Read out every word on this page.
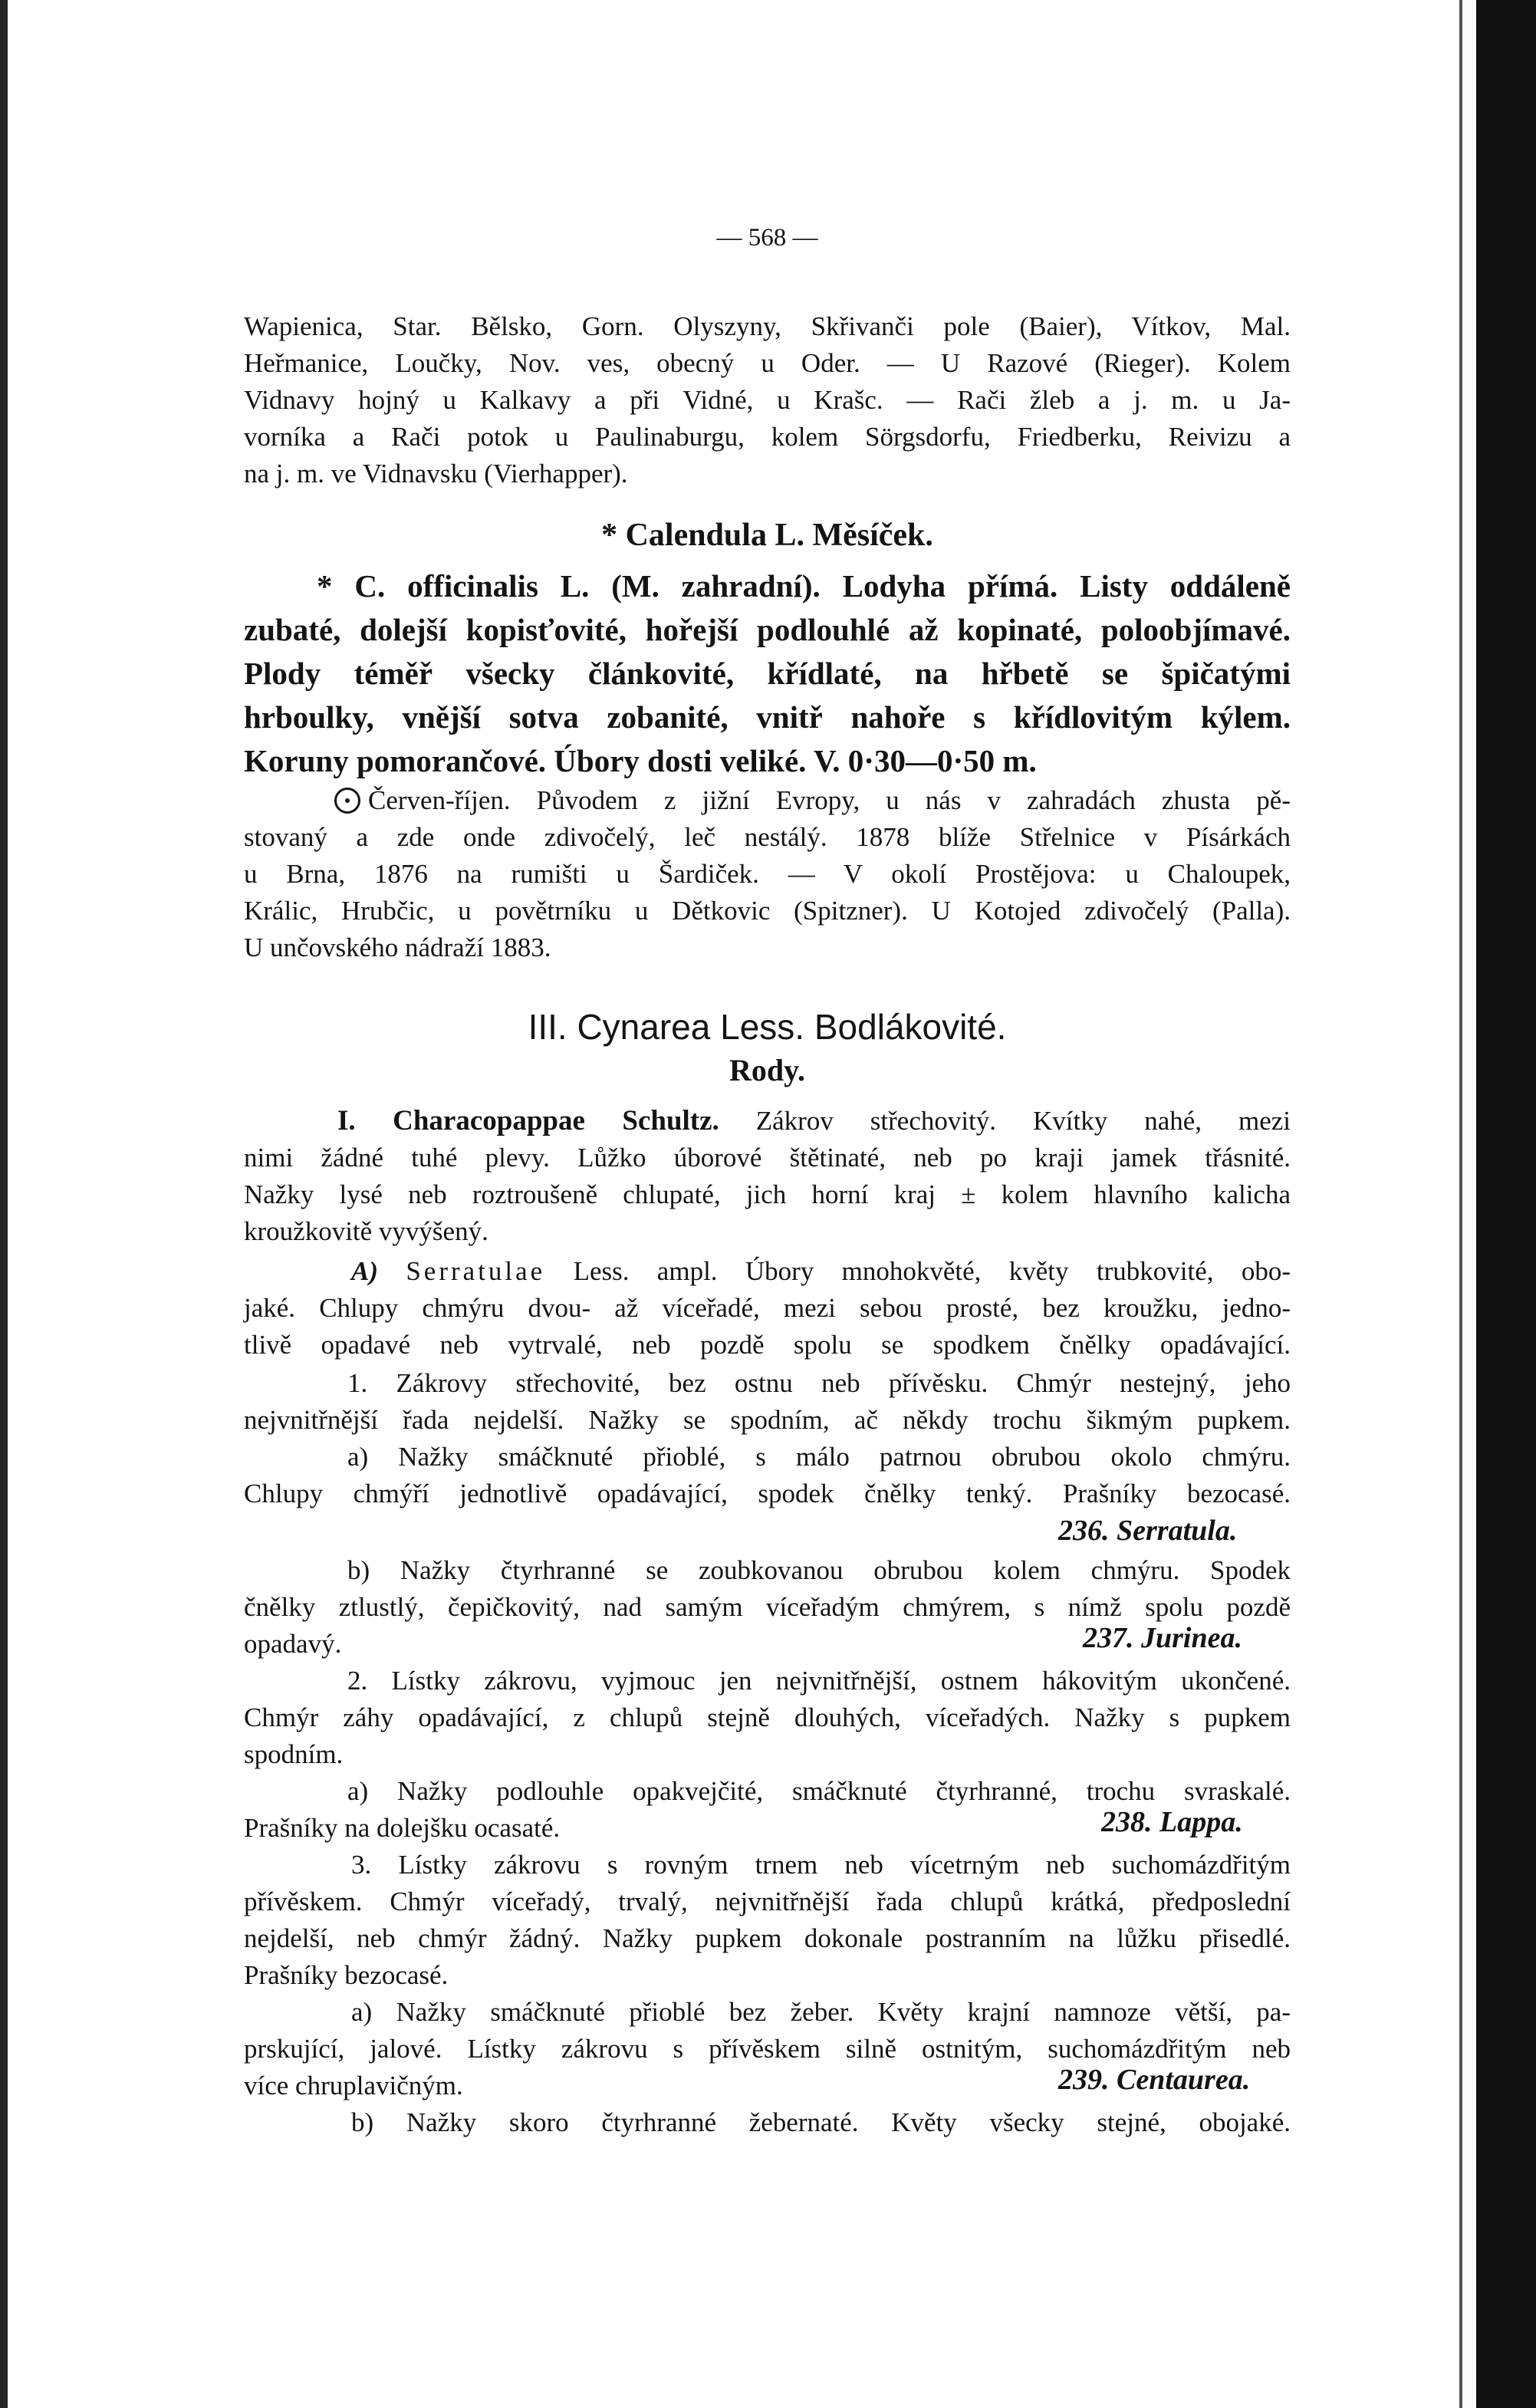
— 568 —
Wapienica, Star. Bělsko, Gorn. Olyszyny, Skřivanči pole (Baier), Vítkov, Mal.
Heřmanice, Loučky, Nov. ves, obecný u Oder. — U Razové (Rieger). Kolem
Vidnavy hojný u Kalkavy a při Vidné, u Krašc. — Rači žleb a j. m. u Ja-
vorníka a Rači potok u Paulinaburgu, kolem Sörgsdorfu, Friedberku, Reivizu a
na j. m. ve Vidnavsku (Vierhapper).
* Calendula L. Měsíček.
* C. officinalis L. (M. zahradní). Lodyha přímá. Listy oddáleně
zubaté, dolejší kopisťovité, hořejší podlouhlé až kopinaté, poloobjímavé.
Plody téměř všecky článkovité, křídlaté, na hřbetě se špičatými
hrboulky, vnější sotva zobanité, vnitř nahoře s křídlovitým kýlem.
Koruny pomorančové. Úbory dosti veliké. V. 0·30—0·50 m.
Červen-říjen. Původem z jižní Evropy, u nás v zahradách zhusta pě-
stovaný a zde onde zdivočelý, leč nestálý. 1878 blíže Střelnice v Písárkách
u Brna, 1876 na rumišti u Šardiček. — V okolí Prostějova: u Chaloupek,
Králic, Hrubčic, u povětrníku u Dětkovic (Spitzner). U Kotojed zdivočelý (Palla).
U unčovského nádraží 1883.
III. Cynarea Less. Bodlákovité.
Rody.
I. Characopappae Schultz. Zákrov střechovitý. Kvítky nahé, mezi
nimi žádné tuhé plevy. Lůžko úborové štětinaté, neb po kraji jamek třásnité.
Nažky lysé neb roztroušeně chlupaté, jich horní kraj ± kolem hlavního kalicha
kroužkovitě vyvýšený.
A) Serratulae Less. ampl. Úbory mnohokvěté, květy trubkovité, obo-
jaké. Chlupy chmýru dvou- až víceřadé, mezi sebou prosté, bez kroužku, jedno-
tlivě opadavé neb vytrvalé, neb pozdě spolu se spodkem čnělky opadávající.
1. Zákrovy střechovité, bez ostnu neb přívěsku. Chmýr nestejný, jeho
nejvnitřnější řada nejdelší. Nažky se spodním, ač někdy trochu šikmým pupkem.
a) Nažky smáčknuté přioblé, s málo patrnou obrubou okolo chmýru.
Chlupy chmýří jednotlivě opadávající, spodek čnělky tenký. Prašníky bezocasé.
236. Serratula.
b) Nažky čtyrhranné se zoubkovanou obrubou kolem chmýru. Spodek
čnělky ztlustlý, čepičkovitý, nad samým víceřadým chmýrem, s nímž spolu pozdě
opadavý.	237. Jurinea.
2. Lístky zákrovu, vyjmouc jen nejvnitřnější, ostnem hákovitým ukončené.
Chmýr záhy opadávající, z chlupů stejně dlouhých, víceřadých. Nažky s pupkem
spodním.
a) Nažky podlouhle opakvejčité, smáčknuté čtyrhranné, trochu svraskalé.
Prašníky na dolejšku ocasaté.	238. Lappa.
3. Lístky zákrovu s rovným trnem neb vícetrným neb suchomázdřitým
přívěskem. Chmýr víceřadý, trvalý, nejvnitřnější řada chlupů krátká, předposlední
nejdelší, neb chmýr žádný. Nažky pupkem dokonale postranním na lůžku přisedlé.
Prašníky bezocasé.
a) Nažky smáčknuté přioblé bez žeber. Květy krajní namnoze větší, pa-
prskující, jalové. Lístky zákrovu s přívěskem silně ostnitým, suchomázdřitým neb
více chruplavičným.	239. Centaurea.
b) Nažky skoro čtyrhranné žebernaté. Květy všecky stejné, obojaké.
